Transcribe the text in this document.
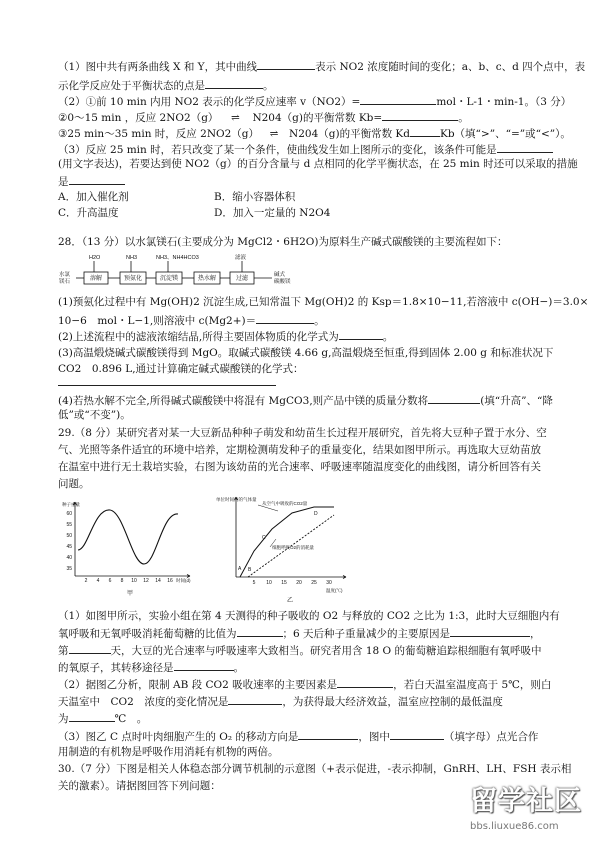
（1）图中共有两条曲线 X 和 Y，其中曲线	表示 NO2 浓度随时间的变化；a、b、c、d 四个点中，表
示化学反应处于平衡状态的点是	。
（2）①前 10 min 内用 NO2 表示的化学反应速率 v（NO2）=	mol・L-1・min-1。（3 分）
②0～15 min ，反应 2NO2（g） ⇌ N204（g)的平衡常数 Kb=	。
③25 min～35 min 时，反应 2NO2（g） ⇌ N204（g)的平衡常数 Kd	Kb（填“>”、“=”或“<”）。
（3）反应 25 min 时，若只改变了某一个条件，使曲线发生如上图所示的变化，该条件可能是
(用文字表达)，若要达到使 NO2（g）的百分含量与 d 点相同的化学平衡状态，在 25 min 时还可以采取的措施
是
A．加入催化剂	B．缩小容器体积
C．升高温度	D．加入一定量的 N2O4
28．（13 分）以水氯镁石(主要成分为 MgCl2・6H2O)为原料生产碱式碳酸镁的主要流程如下：
水氯
镁石
H2O	NH3	NH3、NH4HCO3	滤液
碱式
碳酸镁
溶解	预氨化	沉淀镁	热水解	过滤
(1)预氨化过程中有 Mg(OH)2 沉淀生成,已知常温下 Mg(OH)2 的 Ksp＝1.8×10−11,若溶液中 c(OH−)＝3.0×
10−6　mol・L−1,则溶液中 c(Mg2+)＝	。
(2)上述流程中的滤液浓缩结晶,所得主要固体物质的化学式为	。
(3)高温煅烧碱式碳酸镁得到 MgO。取碱式碳酸镁 4.66 g,高温煅烧至恒重,得到固体 2.00 g 和标准状况下
CO2　0.896 L,通过计算确定碱式碳酸镁的化学式：
(4)若热水解不完全,所得碱式碳酸镁中将混有 MgCO3,则产品中镁的质量分数将	(填“升高”、“降
低”或“不变”)。
29.（8 分）某研究者对某一大豆新品种种子萌发和幼苗生长过程开展研究，首先将大豆种子置于水分、空
气、光照等条件适宜的环境中培养，定期检测萌发种子的重量变化，结果如图甲所示。再选取大豆幼苗放
在温室中进行无土栽培实验，右图为该幼苗的光合速率、呼吸速率随温度变化的曲线图，请分析回答有关
问题。
种子重量
60
55
50
45
40
35
2 4 6 8 10 12 14 16 时间(d)
甲
单位时间内的气体量
从空气中吸收的CO2量
细胞呼吸O2的消耗量
A B
C
D
5 10 15 20 25 30
温度(℃)
乙
（1）如图甲所示，实验小组在第 4 天测得的种子吸收的 O2 与释放的 CO2 之比为 1:3，此时大豆细胞内有
氧呼吸和无氧呼吸消耗葡萄糖的比值为	；6 天后种子重量减少的主要原因是	，
第	天，大豆的光合速率与呼吸速率大致相当。研究者用含 18 O 的葡萄糖追踪根细胞有氧呼吸中
的氧原子，其转移途径是	。
（2）据图乙分析，限制 AB 段 CO2 吸收速率的主要因素是	，若白天温室温度高于 5℃，则白
天温室中　CO2　浓度的变化情况是	，为获得最大经济效益，温室应控制的最低温度
为	℃　。
（3）图乙 C 点时叶肉细胞产生的 O₂ 的移动方向是	，图中	（填字母）点光合作
用制造的有机物是呼吸作用消耗有机物的两倍。
30.（7 分）下图是相关人体稳态部分调节机制的示意图（+表示促进，-表示抑制，GnRH、LH、FSH 表示相
关的激素）。请据图回答下列问题：	留学社区
bbs.liuxue86.com
